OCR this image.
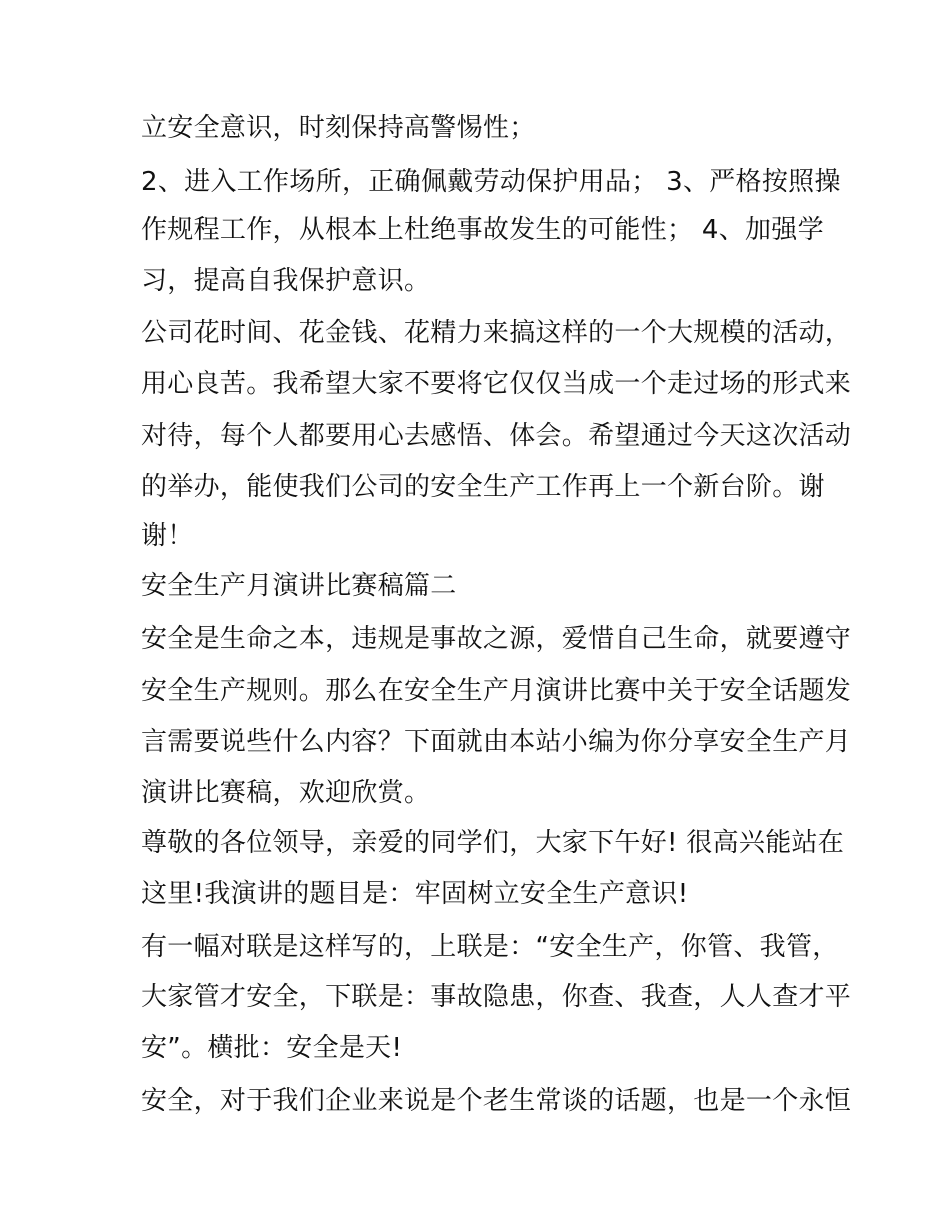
立安全意识，时刻保持高警惕性；
2、进入工作场所，正确佩戴劳动保护用品； 3、严格按照操
作规程工作，从根本上杜绝事故发生的可能性； 4、加强学
习，提高自我保护意识。
公司花时间、花金钱、花精力来搞这样的一个大规模的活动，
用心良苦。我希望大家不要将它仅仅当成一个走过场的形式来
对待，每个人都要用心去感悟、体会。希望通过今天这次活动
的举办，能使我们公司的安全生产工作再上一个新台阶。谢
谢！
安全生产月演讲比赛稿篇二
安全是生命之本，违规是事故之源，爱惜自己生命，就要遵守
安全生产规则。那么在安全生产月演讲比赛中关于安全话题发
言需要说些什么内容？下面就由本站小编为你分享安全生产月
演讲比赛稿，欢迎欣赏。
尊敬的各位领导，亲爱的同学们，大家下午好! 很高兴能站在
这里!我演讲的题目是：牢固树立安全生产意识!
有一幅对联是这样写的，上联是：“安全生产，你管、我管，
大家管才安全，下联是：事故隐患，你查、我查，人人查才平
安”。横批：安全是天!
安全，对于我们企业来说是个老生常谈的话题，也是一个永恒
